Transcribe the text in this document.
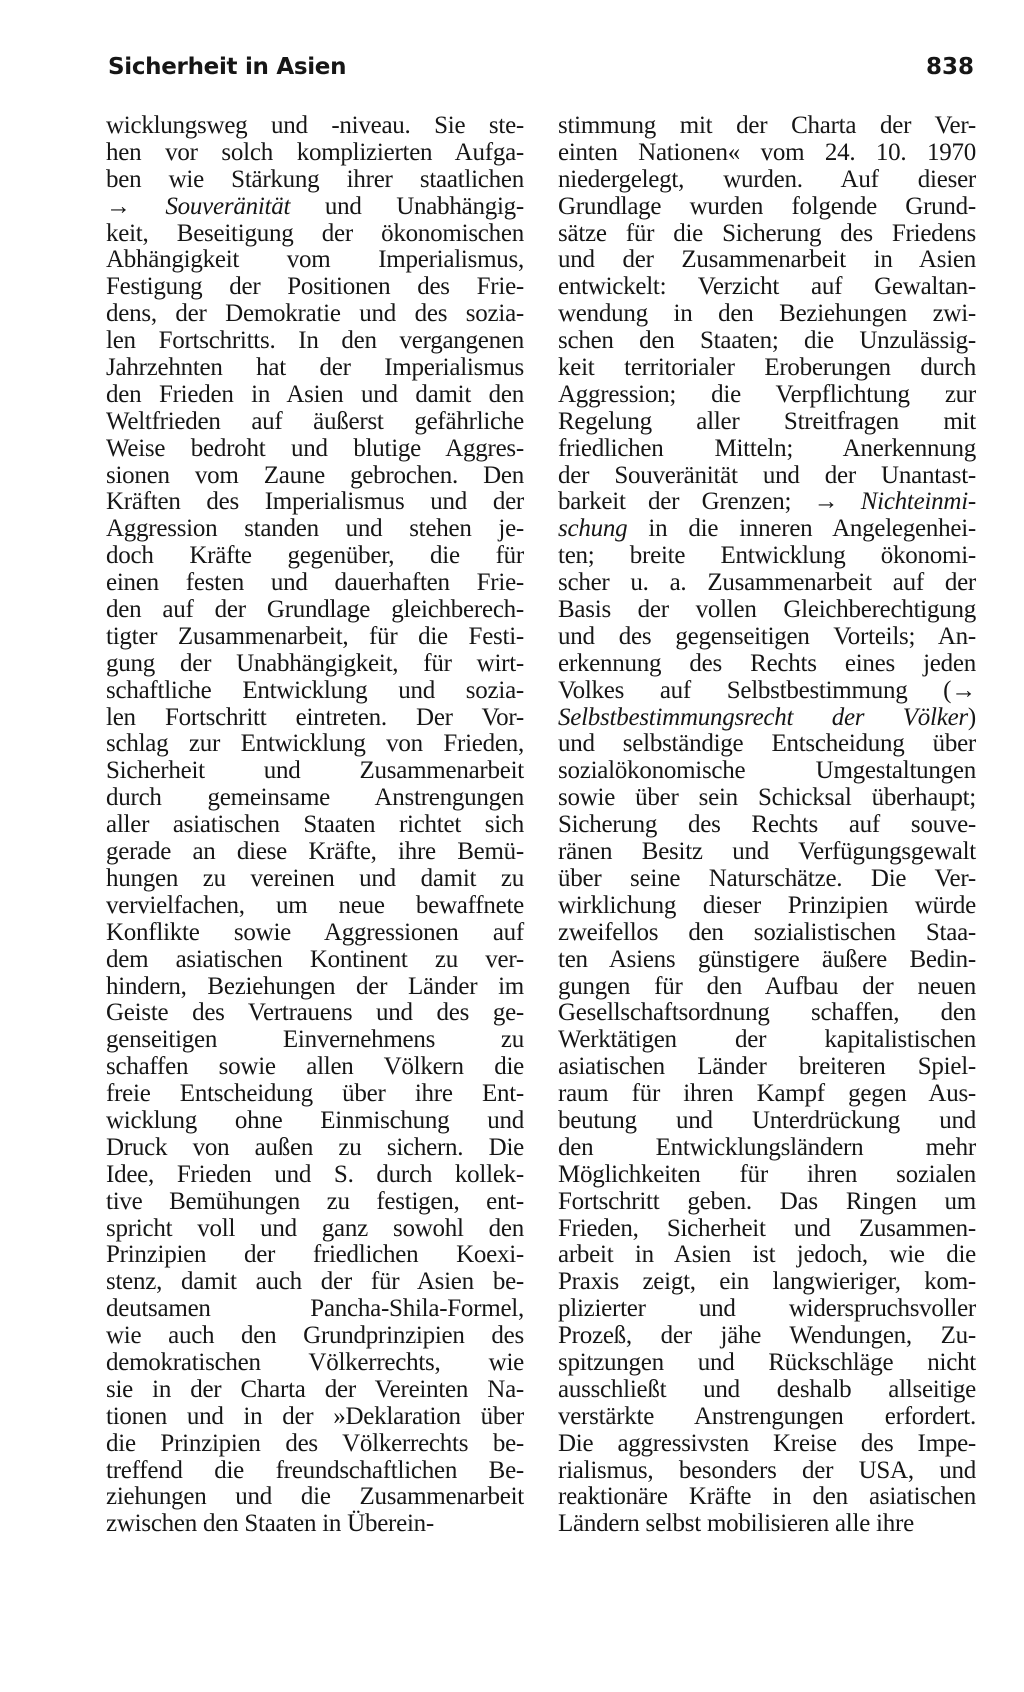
Sicherheit in Asien	838
wicklungsweg und -niveau. Sie ste-
hen vor solch komplizierten Aufga-
ben wie Stärkung ihrer staatlichen
→ Souveränität und Unabhängig-
keit, Beseitigung der ökonomischen
Abhängigkeit vom Imperialismus,
Festigung der Positionen des Frie-
dens, der Demokratie und des sozia-
len Fortschritts. In den vergangenen
Jahrzehnten hat der Imperialismus
den Frieden in Asien und damit den
Weltfrieden auf äußerst gefährliche
Weise bedroht und blutige Aggres-
sionen vom Zaune gebrochen. Den
Kräften des Imperialismus und der
Aggression standen und stehen je-
doch Kräfte gegenüber, die für
einen festen und dauerhaften Frie-
den auf der Grundlage gleichberech-
tigter Zusammenarbeit, für die Festi-
gung der Unabhängigkeit, für wirt-
schaftliche Entwicklung und sozia-
len Fortschritt eintreten. Der Vor-
schlag zur Entwicklung von Frieden,
Sicherheit und Zusammenarbeit
durch gemeinsame Anstrengungen
aller asiatischen Staaten richtet sich
gerade an diese Kräfte, ihre Bemü-
hungen zu vereinen und damit zu
vervielfachen, um neue bewaffnete
Konflikte sowie Aggressionen auf
dem asiatischen Kontinent zu ver-
hindern, Beziehungen der Länder im
Geiste des Vertrauens und des ge-
genseitigen Einvernehmens zu
schaffen sowie allen Völkern die
freie Entscheidung über ihre Ent-
wicklung ohne Einmischung und
Druck von außen zu sichern. Die
Idee, Frieden und S. durch kollek-
tive Bemühungen zu festigen, ent-
spricht voll und ganz sowohl den
Prinzipien der friedlichen Koexi-
stenz, damit auch der für Asien be-
deutsamen Pancha-Shila-Formel,
wie auch den Grundprinzipien des
demokratischen Völkerrechts, wie
sie in der Charta der Vereinten Na-
tionen und in der »Deklaration über
die Prinzipien des Völkerrechts be-
treffend die freundschaftlichen Be-
ziehungen und die Zusammenarbeit
zwischen den Staaten in Überein-
stimmung mit der Charta der Ver-
einten Nationen« vom 24. 10. 1970
niedergelegt, wurden. Auf dieser
Grundlage wurden folgende Grund-
sätze für die Sicherung des Friedens
und der Zusammenarbeit in Asien
entwickelt: Verzicht auf Gewaltan-
wendung in den Beziehungen zwi-
schen den Staaten; die Unzulässig-
keit territorialer Eroberungen durch
Aggression; die Verpflichtung zur
Regelung aller Streitfragen mit
friedlichen Mitteln; Anerkennung
der Souveränität und der Unantast-
barkeit der Grenzen; → Nichteinmi-
schung in die inneren Angelegenhei-
ten; breite Entwicklung ökonomi-
scher u. a. Zusammenarbeit auf der
Basis der vollen Gleichberechtigung
und des gegenseitigen Vorteils; An-
erkennung des Rechts eines jeden
Volkes auf Selbstbestimmung (→
Selbstbestimmungsrecht der Völker)
und selbständige Entscheidung über
sozialökonomische Umgestaltungen
sowie über sein Schicksal überhaupt;
Sicherung des Rechts auf souve-
ränen Besitz und Verfügungsgewalt
über seine Naturschätze. Die Ver-
wirklichung dieser Prinzipien würde
zweifellos den sozialistischen Staa-
ten Asiens günstigere äußere Bedin-
gungen für den Aufbau der neuen
Gesellschaftsordnung schaffen, den
Werktätigen der kapitalistischen
asiatischen Länder breiteren Spiel-
raum für ihren Kampf gegen Aus-
beutung und Unterdrückung und
den Entwicklungsländern mehr
Möglichkeiten für ihren sozialen
Fortschritt geben. Das Ringen um
Frieden, Sicherheit und Zusammen-
arbeit in Asien ist jedoch, wie die
Praxis zeigt, ein langwieriger, kom-
plizierter und widerspruchsvoller
Prozeß, der jähe Wendungen, Zu-
spitzungen und Rückschläge nicht
ausschließt und deshalb allseitige
verstärkte Anstrengungen erfordert.
Die aggressivsten Kreise des Impe-
rialismus, besonders der USA, und
reaktionäre Kräfte in den asiatischen
Ländern selbst mobilisieren alle ihre
